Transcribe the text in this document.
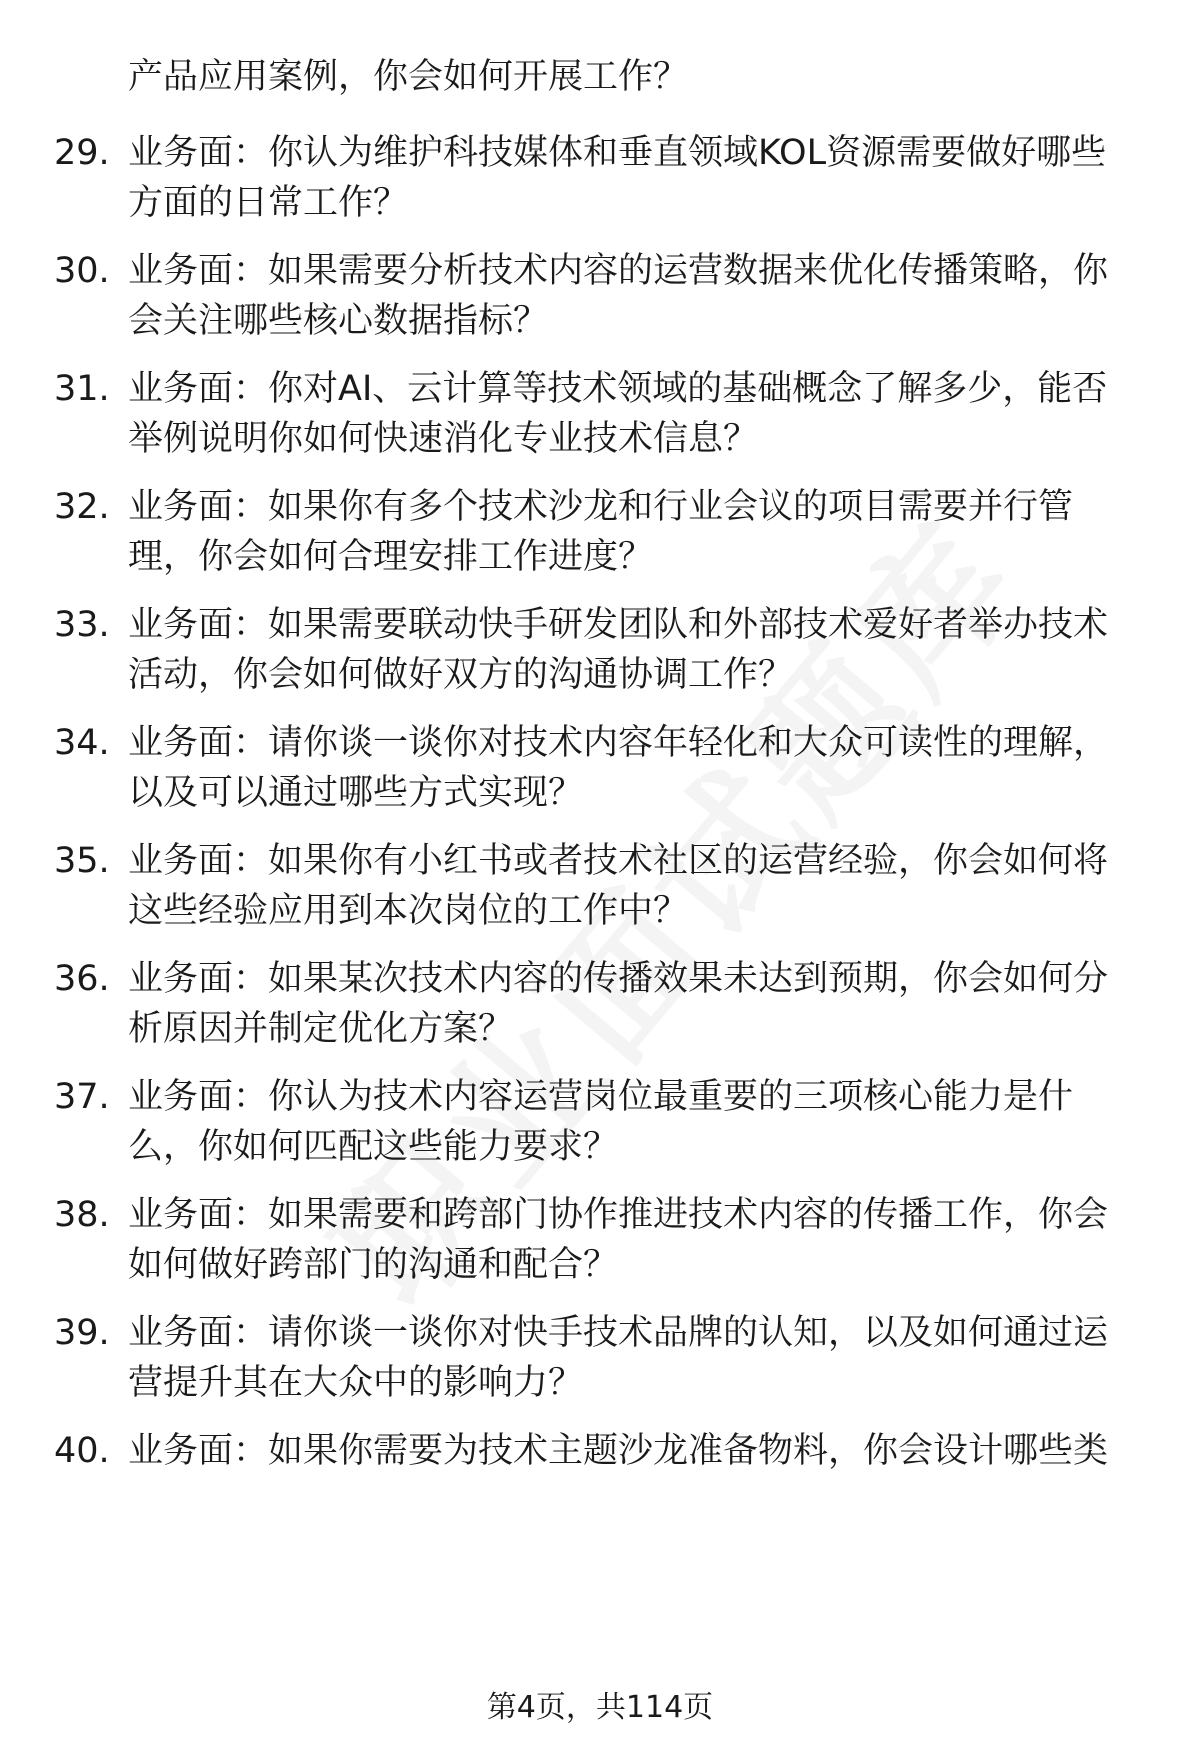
产品应用案例，你会如何开展工作？
29. 业务面：你认为维护科技媒体和垂直领域KOL资源需要做好哪些
方面的日常工作？
30. 业务面：如果需要分析技术内容的运营数据来优化传播策略，你
会关注哪些核心数据指标？
31. 业务面：你对AI、云计算等技术领域的基础概念了解多少，能否
举例说明你如何快速消化专业技术信息？
32. 业务面：如果你有多个技术沙龙和行业会议的项目需要并行管
理，你会如何合理安排工作进度？
33. 业务面：如果需要联动快手研发团队和外部技术爱好者举办技术
活动，你会如何做好双方的沟通协调工作？
34. 业务面：请你谈一谈你对技术内容年轻化和大众可读性的理解，
以及可以通过哪些方式实现？
35. 业务面：如果你有小红书或者技术社区的运营经验，你会如何将
这些经验应用到本次岗位的工作中？
36. 业务面：如果某次技术内容的传播效果未达到预期，你会如何分
析原因并制定优化方案？
37. 业务面：你认为技术内容运营岗位最重要的三项核心能力是什
么，你如何匹配这些能力要求？
38. 业务面：如果需要和跨部门协作推进技术内容的传播工作，你会
如何做好跨部门的沟通和配合？
39. 业务面：请你谈一谈你对快手技术品牌的认知，以及如何通过运
营提升其在大众中的影响力？
40. 业务面：如果你需要为技术主题沙龙准备物料，你会设计哪些类
第4页，共114页
